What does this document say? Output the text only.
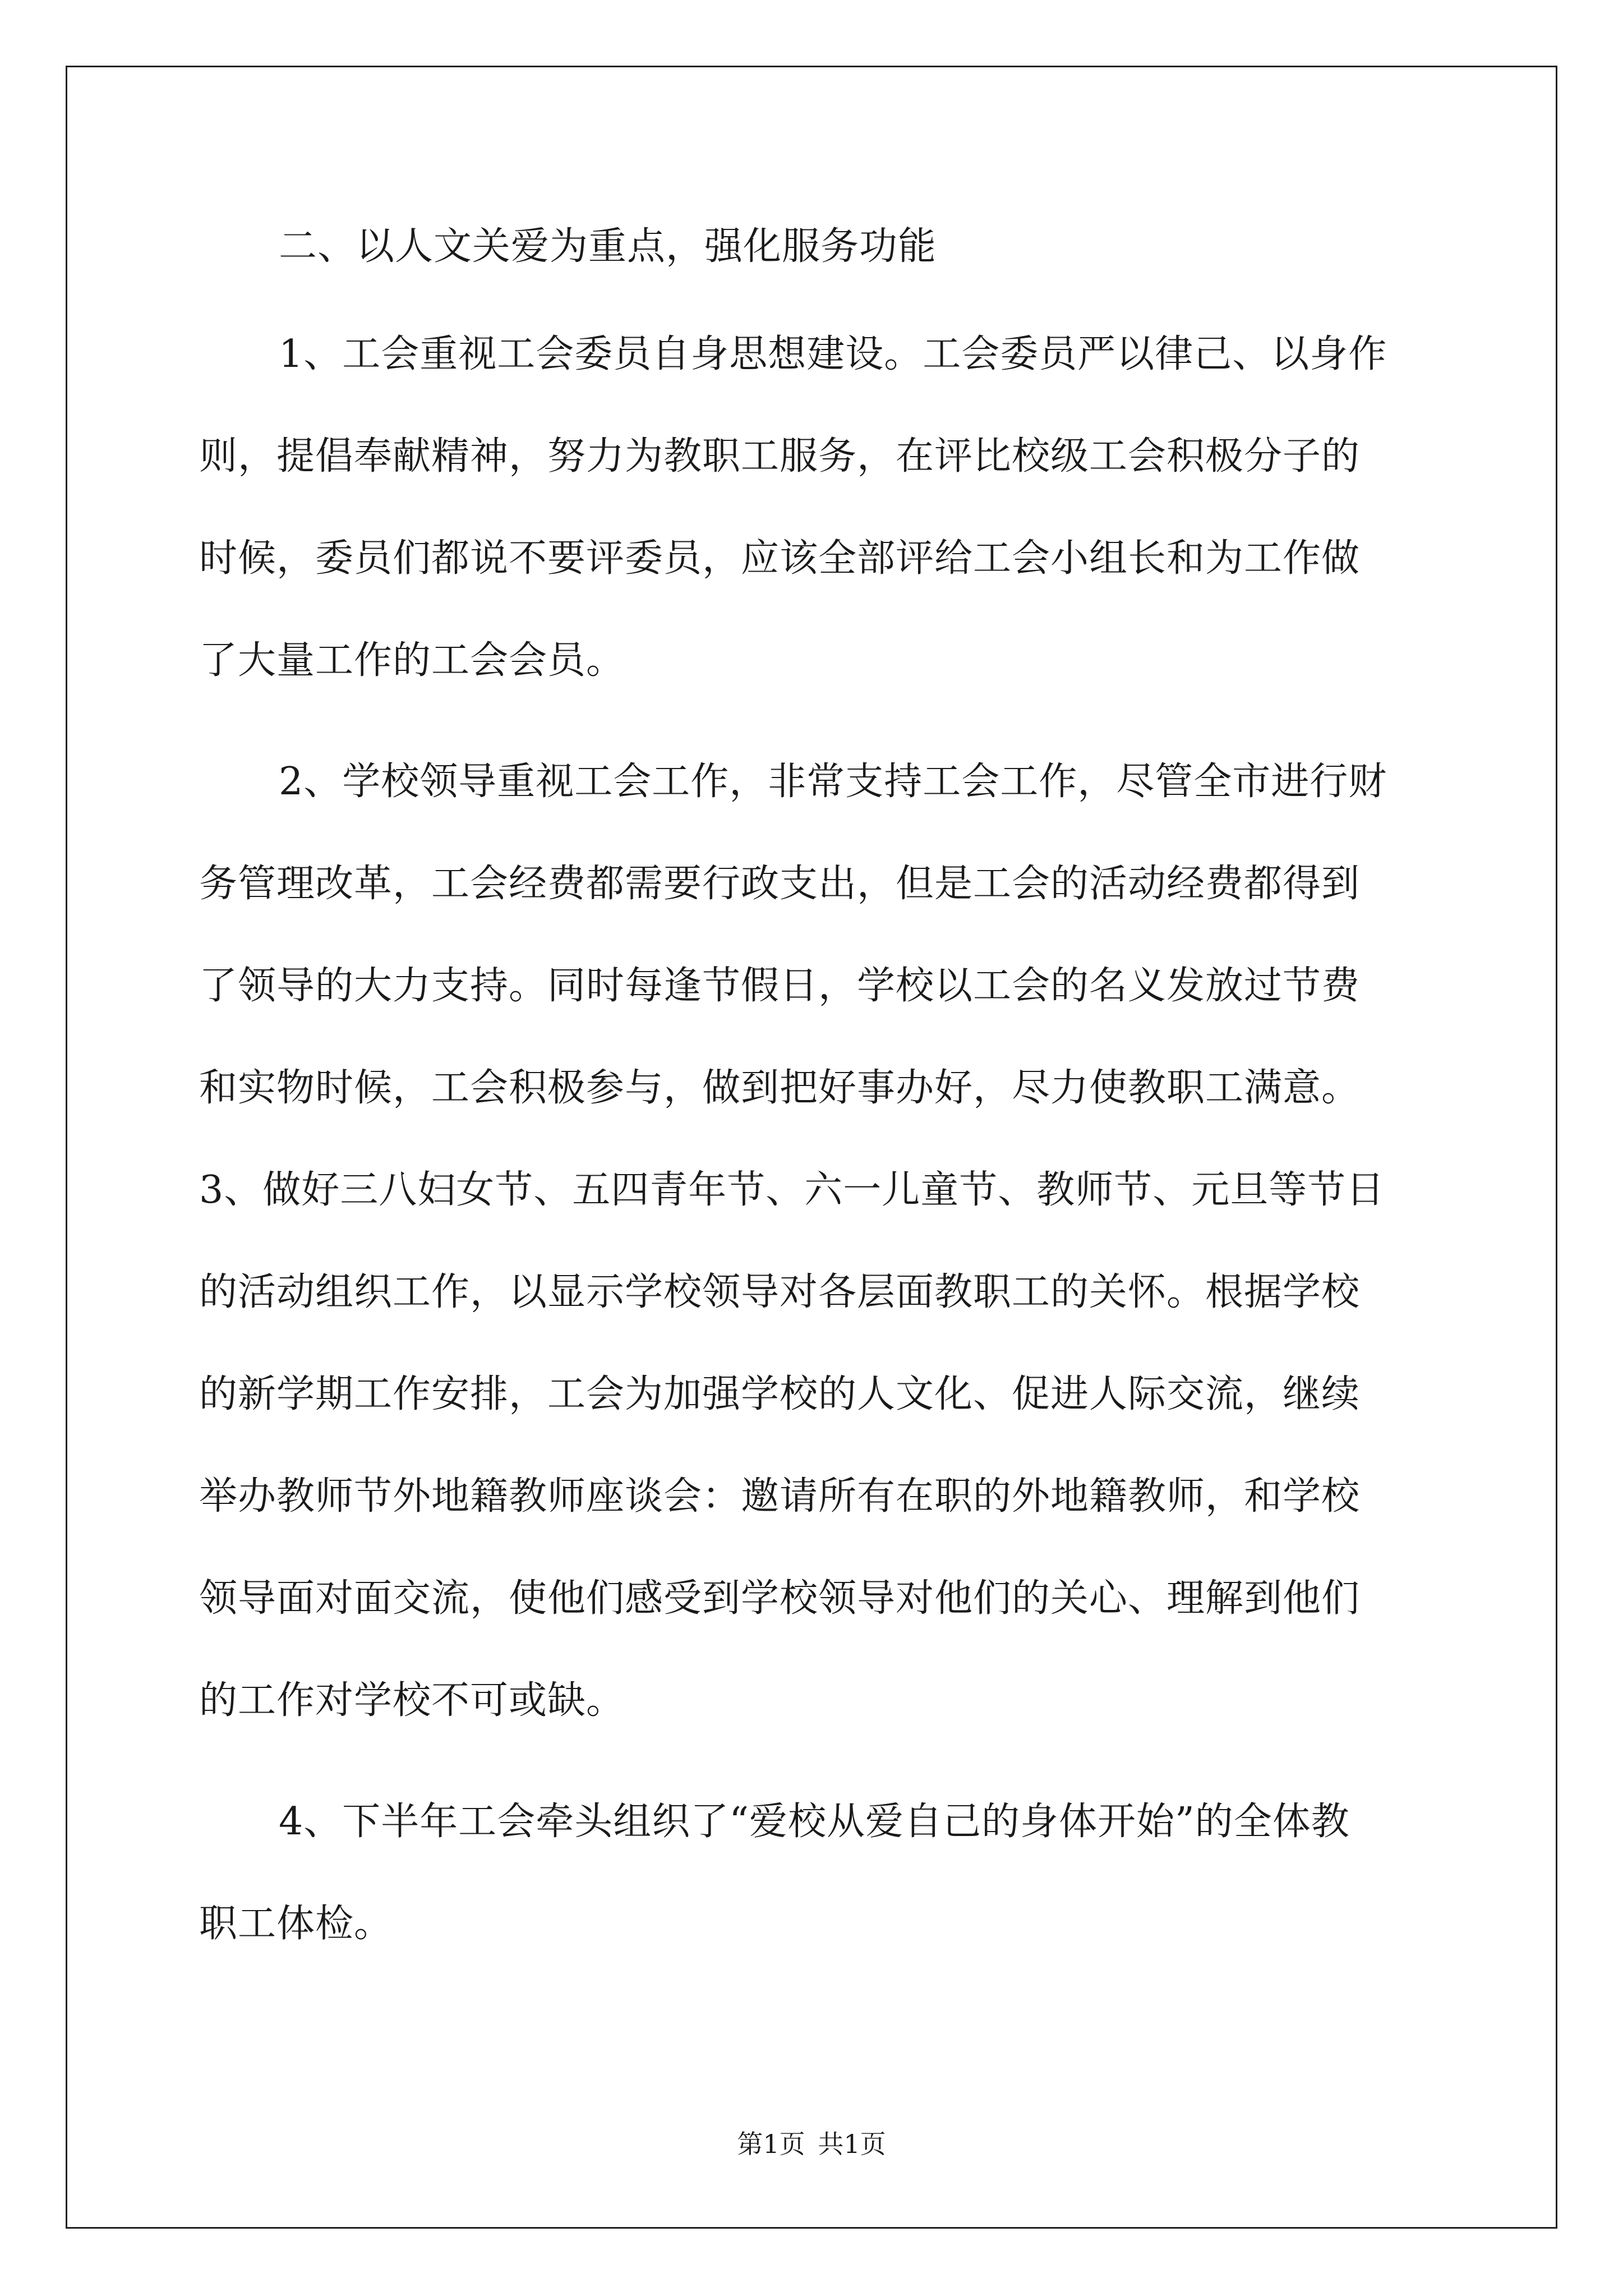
二、以人文关爱为重点，强化服务功能
1、工会重视工会委员自身思想建设。工会委员严以律己、以身作
则，提倡奉献精神，努力为教职工服务，在评比校级工会积极分子的
时候，委员们都说不要评委员，应该全部评给工会小组长和为工作做
了大量工作的工会会员。
2、学校领导重视工会工作，非常支持工会工作，尽管全市进行财
务管理改革，工会经费都需要行政支出，但是工会的活动经费都得到
了领导的大力支持。同时每逢节假日，学校以工会的名义发放过节费
和实物时候，工会积极参与，做到把好事办好，尽力使教职工满意。
3、做好三八妇女节、五四青年节、六一儿童节、教师节、元旦等节日
的活动组织工作，以显示学校领导对各层面教职工的关怀。根据学校
的新学期工作安排，工会为加强学校的人文化、促进人际交流，继续
举办教师节外地籍教师座谈会：邀请所有在职的外地籍教师，和学校
领导面对面交流，使他们感受到学校领导对他们的关心、理解到他们
的工作对学校不可或缺。
4、下半年工会牵头组织了“爱校从爱自己的身体开始”的全体教
职工体检。
第1页 共1页
